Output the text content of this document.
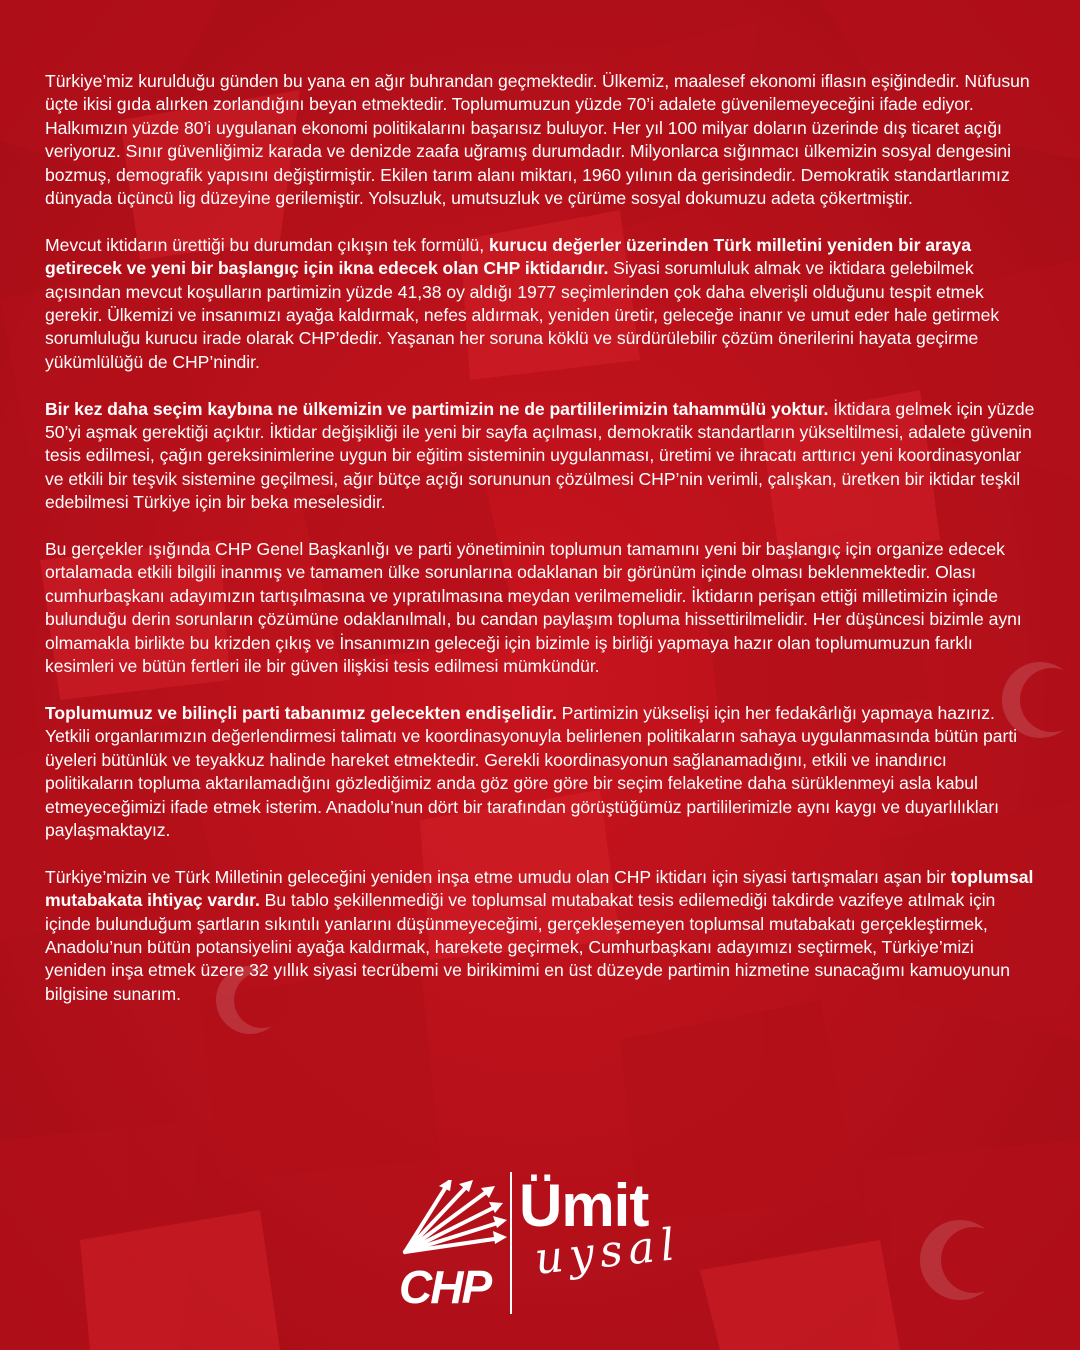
Türkiye’miz kurulduğu günden bu yana en ağır buhrandan geçmektedir. Ülkemiz, maalesef ekonomi iflasın eşiğindedir. Nüfusun üçte ikisi gıda alırken zorlandığını beyan etmektedir. Toplumumuzun yüzde 70’i adalete güvenilemeyeceğini ifade ediyor. Halkımızın yüzde 80’i uygulanan ekonomi politikalarını başarısız buluyor. Her yıl 100 milyar doların üzerinde dış ticaret açığı veriyoruz. Sınır güvenliğimiz karada ve denizde zaafa uğramış durumdadır. Milyonlarca sığınmacı ülkemizin sosyal dengesini bozmuş, demografik yapısını değiştirmiştir. Ekilen tarım alanı miktarı, 1960 yılının da gerisindedir. Demokratik standartlarımız dünyada üçüncü lig düzeyine gerilemiştir. Yolsuzluk, umutsuzluk ve çürüme sosyal dokumuzu adeta çökertmiştir.

Mevcut iktidarın ürettiği bu durumdan çıkışın tek formülü, kurucu değerler üzerinden Türk milletini yeniden bir araya getirecek ve yeni bir başlangıç için ikna edecek olan CHP iktidarıdır. Siyasi sorumluluk almak ve iktidara gelebilmek açısından mevcut koşulların partimizin yüzde 41,38 oy aldığı 1977 seçimlerinden çok daha elverişli olduğunu tespit etmek gerekir. Ülkemizi ve insanımızı ayağa kaldırmak, nefes aldırmak, yeniden üretir, geleceğe inanır ve umut eder hale getirmek sorumluluğu kurucu irade olarak CHP’dedir. Yaşanan her soruna köklü ve sürdürülebilir çözüm önerilerini hayata geçirme yükümlülüğü de CHP’nindir.

Bir kez daha seçim kaybına ne ülkemizin ve partimizin ne de partililerimizin tahammülü yoktur. İktidara gelmek için yüzde 50’yi aşmak gerektiği açıktır. İktidar değişikliği ile yeni bir sayfa açılması, demokratik standartların yükseltilmesi, adalete güvenin tesis edilmesi, çağın gereksinimlerine uygun bir eğitim sisteminin uygulanması, üretimi ve ihracatı arttırıcı yeni koordinasyonlar ve etkili bir teşvik sistemine geçilmesi, ağır bütçe açığı sorununun çözülmesi CHP’nin verimli, çalışkan, üretken bir iktidar teşkil edebilmesi Türkiye için bir beka meselesidir.

Bu gerçekler ışığında CHP Genel Başkanlığı ve parti yönetiminin toplumun tamamını yeni bir başlangıç için organize edecek ortalamada etkili bilgili inanmış ve tamamen ülke sorunlarına odaklanan bir görünüm içinde olması beklenmektedir. Olası cumhurbaşkanı adayımızın tartışılmasına ve yıpratılmasına meydan verilmemelidir. İktidarın perişan ettiği milletimizin içinde bulunduğu derin sorunların çözümüne odaklanılmalı, bu candan paylaşım topluma hissettirilmelidir. Her düşüncesi bizimle aynı olmamakla birlikte bu krizden çıkış ve İnsanımızın geleceği için bizimle iş birliği yapmaya hazır olan toplumumuzun farklı kesimleri ve bütün fertleri ile bir güven ilişkisi tesis edilmesi mümkündür.

Toplumumuz ve bilinçli parti tabanımız gelecekten endişelidir. Partimizin yükselişi için her fedakârlığı yapmaya hazırız. Yetkili organlarımızın değerlendirmesi talimatı ve koordinasyonuyla belirlenen politikaların sahaya uygulanmasında bütün parti üyeleri bütünlük ve teyakkuz halinde hareket etmektedir. Gerekli koordinasyonun sağlanamadığını, etkili ve inandırıcı politikaların topluma aktarılamadığını gözlediğimiz anda göz göre göre bir seçim felaketine daha sürüklenmeyi asla kabul etmeyeceğimizi ifade etmek isterim. Anadolu’nun dört bir tarafından görüştüğümüz partililerimizle aynı kaygı ve duyarlılıkları paylaşmaktayız.

Türkiye’mizin ve Türk Milletinin geleceğini yeniden inşa etme umudu olan CHP iktidarı için siyasi tartışmaları aşan bir toplumsal mutabakata ihtiyaç vardır. Bu tablo şekillenmediği ve toplumsal mutabakat tesis edilemediği takdirde vazifeye atılmak için içinde bulunduğum şartların sıkıntılı yanlarını düşünmeyeceğimi, gerçekleşemeyen toplumsal mutabakatı gerçekleştirmek, Anadolu’nun bütün potansiyelini ayağa kaldırmak, harekete geçirmek, Cumhurbaşkanı adayımızı seçtirmek, Türkiye’mizi yeniden inşa etmek üzere 32 yıllık siyasi tecrübemi ve birikimimi en üst düzeyde partimin hizmetine sunacağımı kamuoyunun bilgisine sunarım.

CHP
Ümit
uysal
